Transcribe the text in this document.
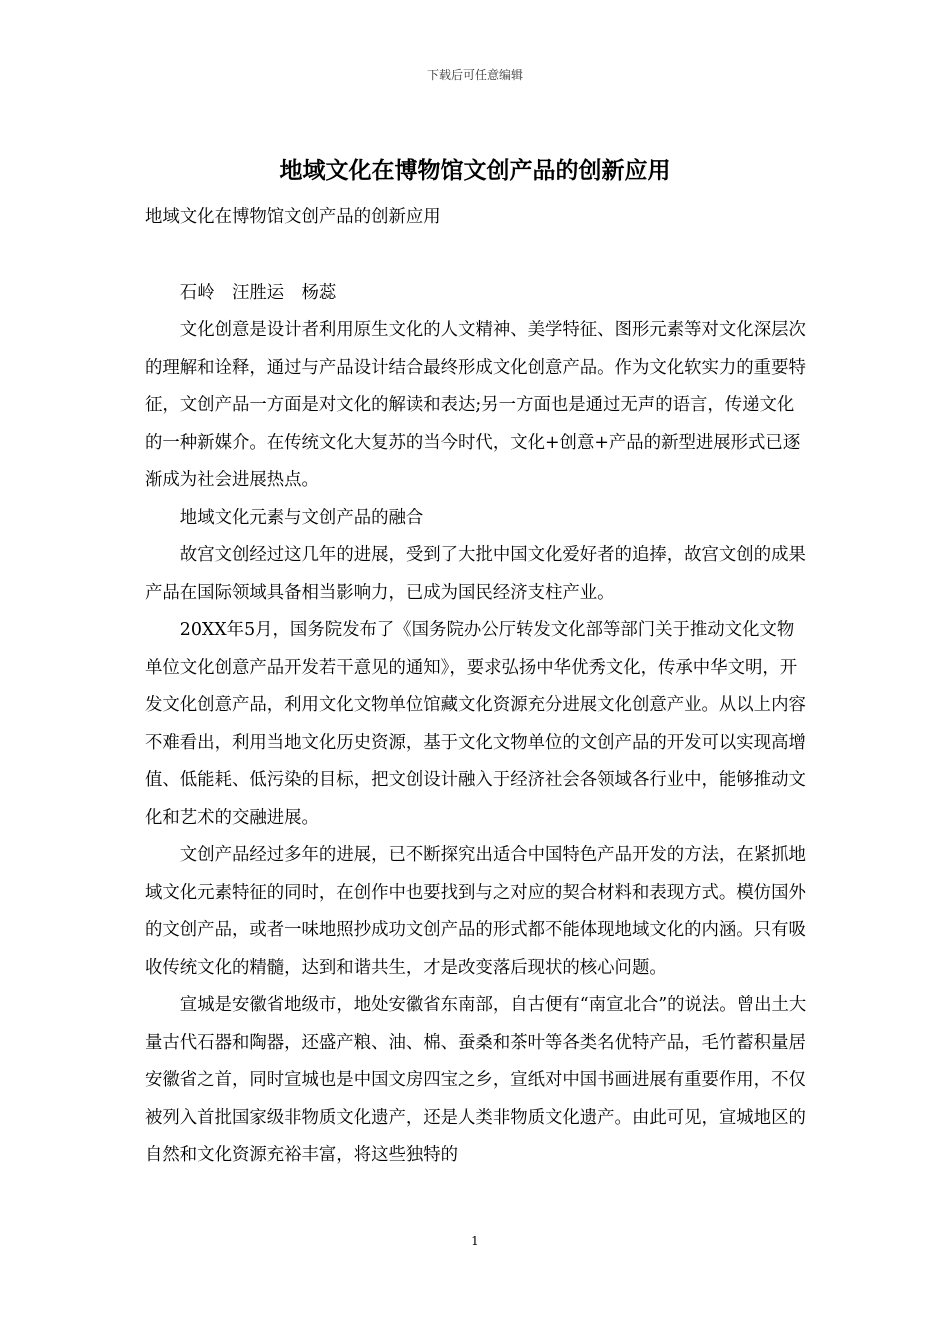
下载后可任意编辑
地域文化在博物馆文创产品的创新应用

地域文化在博物馆文创产品的创新应用

石岭　汪胜运　杨蕊

文化创意是设计者利用原生文化的人文精神、美学特征、图形元素等对文化深层次的理解和诠释，通过与产品设计结合最终形成文化创意产品。作为文化软实力的重要特征，文创产品一方面是对文化的解读和表达;另一方面也是通过无声的语言，传递文化的一种新媒介。在传统文化大复苏的当今时代，文化+创意+产品的新型进展形式已逐渐成为社会进展热点。

地域文化元素与文创产品的融合

故宫文创经过这几年的进展，受到了大批中国文化爱好者的追捧，故宫文创的成果产品在国际领域具备相当影响力，已成为国民经济支柱产业。

20XX年5月，国务院发布了《国务院办公厅转发文化部等部门关于推动文化文物单位文化创意产品开发若干意见的通知》，要求弘扬中华优秀文化，传承中华文明，开发文化创意产品，利用文化文物单位馆藏文化资源充分进展文化创意产业。从以上内容不难看出，利用当地文化历史资源，基于文化文物单位的文创产品的开发可以实现高增值、低能耗、低污染的目标，把文创设计融入于经济社会各领域各行业中，能够推动文化和艺术的交融进展。

文创产品经过多年的进展，已不断探究出适合中国特色产品开发的方法，在紧抓地域文化元素特征的同时，在创作中也要找到与之对应的契合材料和表现方式。模仿国外的文创产品，或者一味地照抄成功文创产品的形式都不能体现地域文化的内涵。只有吸收传统文化的精髓，达到和谐共生，才是改变落后现状的核心问题。

宣城是安徽省地级市，地处安徽省东南部，自古便有“南宣北合”的说法。曾出土大量古代石器和陶器，还盛产粮、油、棉、蚕桑和茶叶等各类名优特产品，毛竹蓄积量居安徽省之首，同时宣城也是中国文房四宝之乡，宣纸对中国书画进展有重要作用，不仅被列入首批国家级非物质文化遗产，还是人类非物质文化遗产。由此可见，宣城地区的自然和文化资源充裕丰富，将这些独特的

1
